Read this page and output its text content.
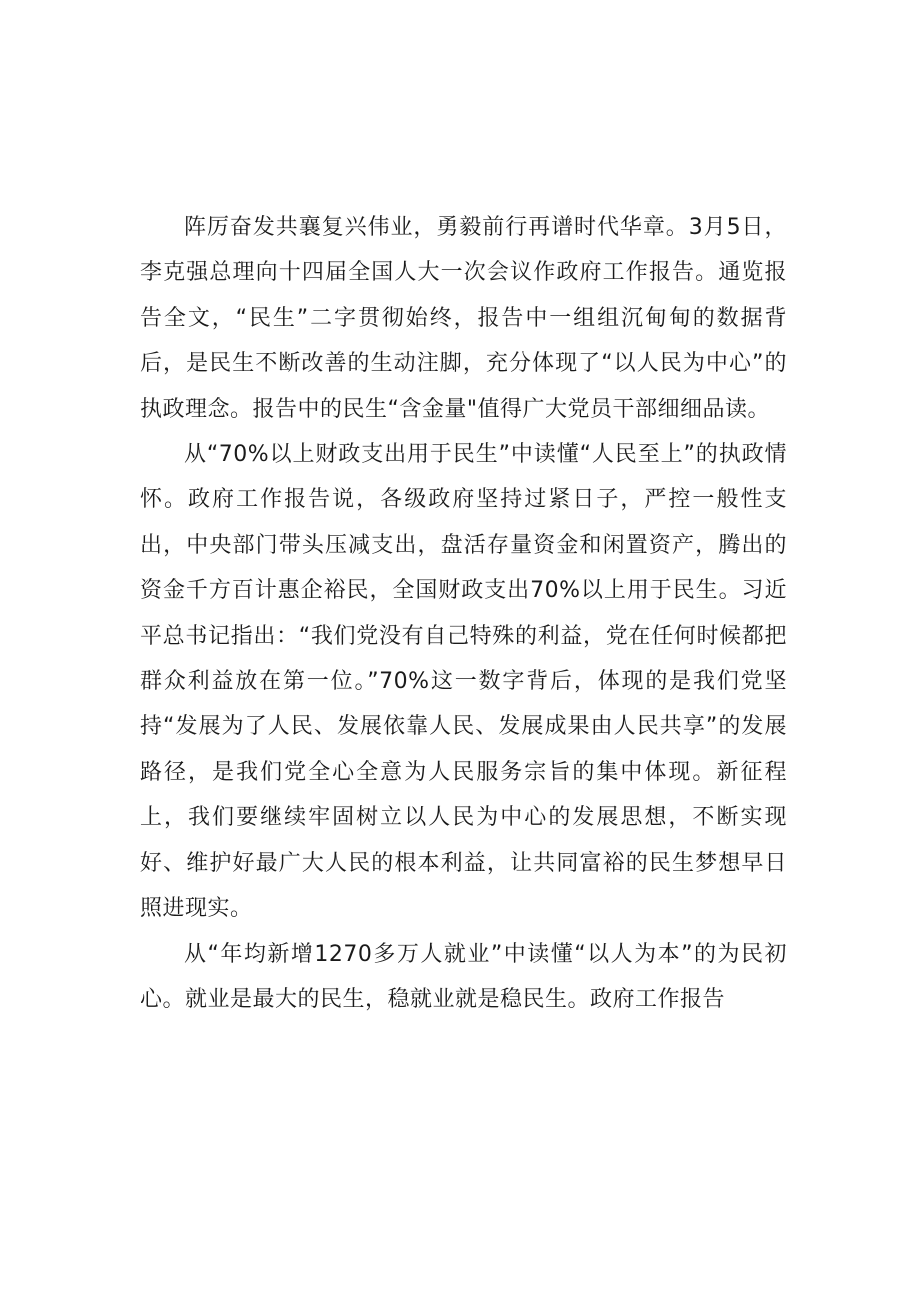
阵厉奋发共襄复兴伟业，勇毅前行再谱时代华章。3月5日，李克强总理向十四届全国人大一次会议作政府工作报告。通览报告全文，“民生”二字贯彻始终，报告中一组组沉甸甸的数据背后，是民生不断改善的生动注脚，充分体现了“以人民为中心”的执政理念。报告中的民生“含金量"值得广大党员干部细细品读。

从“70%以上财政支出用于民生”中读懂“人民至上”的执政情怀。政府工作报告说，各级政府坚持过紧日子，严控一般性支出，中央部门带头压减支出，盘活存量资金和闲置资产，腾出的资金千方百计惠企裕民，全国财政支出70%以上用于民生。习近平总书记指出：“我们党没有自己特殊的利益，党在任何时候都把群众利益放在第一位。”70%这一数字背后，体现的是我们党坚持“发展为了人民、发展依靠人民、发展成果由人民共享”的发展路径，是我们党全心全意为人民服务宗旨的集中体现。新征程上，我们要继续牢固树立以人民为中心的发展思想，不断实现好、维护好最广大人民的根本利益，让共同富裕的民生梦想早日照进现实。

从“年均新增1270多万人就业”中读懂“以人为本”的为民初心。就业是最大的民生，稳就业就是稳民生。政府工作报告
